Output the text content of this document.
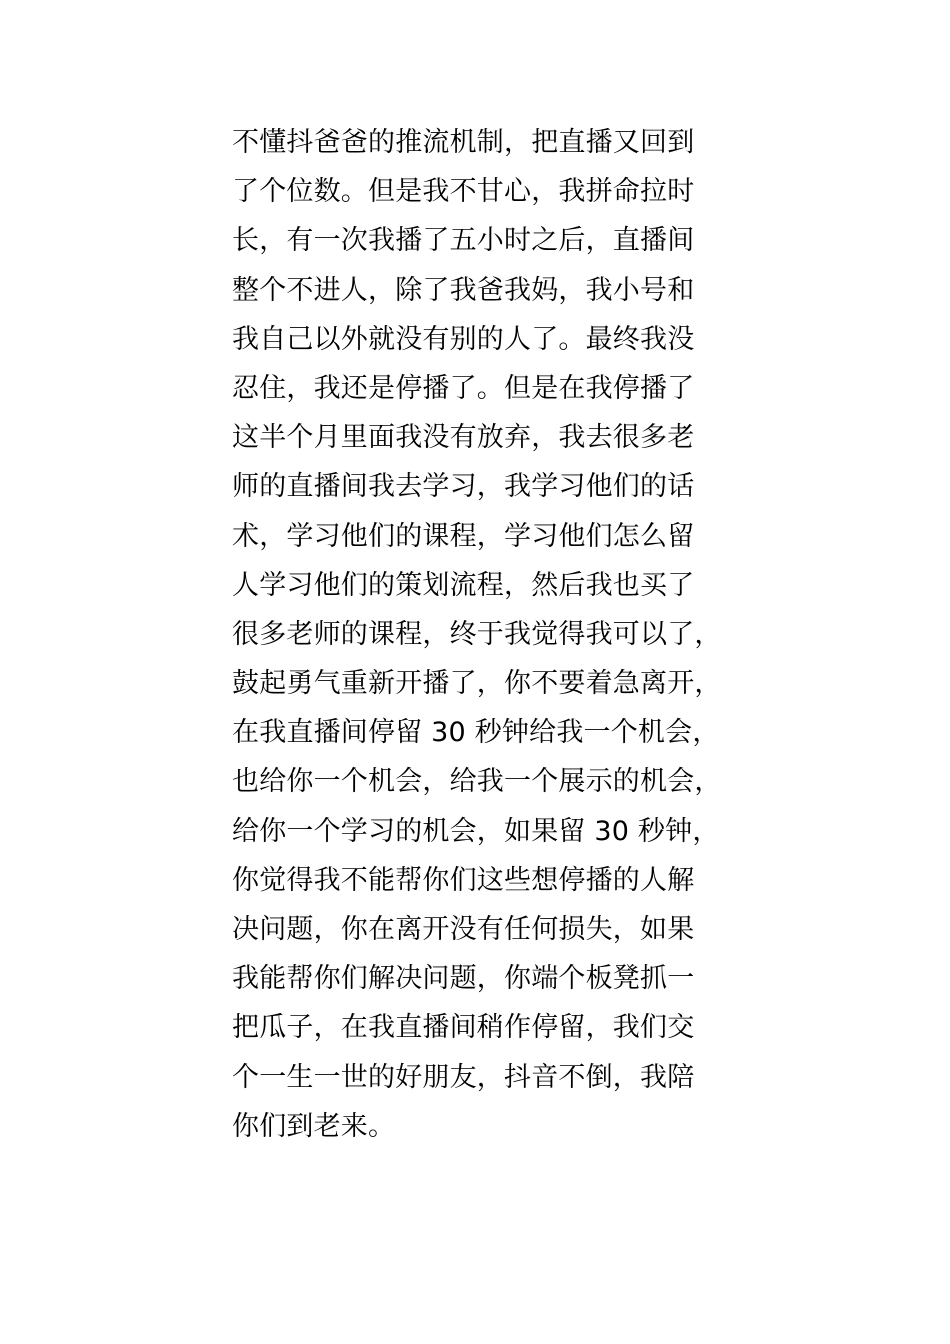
不懂抖爸爸的推流机制，把直播又回到
了个位数。但是我不甘心，我拼命拉时
长，有一次我播了五小时之后，直播间
整个不进人，除了我爸我妈，我小号和
我自己以外就没有别的人了。最终我没
忍住，我还是停播了。但是在我停播了
这半个月里面我没有放弃，我去很多老
师的直播间我去学习，我学习他们的话
术，学习他们的课程，学习他们怎么留
人学习他们的策划流程，然后我也买了
很多老师的课程，终于我觉得我可以了，
鼓起勇气重新开播了，你不要着急离开，
在我直播间停留 30 秒钟给我一个机会，
也给你一个机会，给我一个展示的机会，
给你一个学习的机会，如果留 30 秒钟，
你觉得我不能帮你们这些想停播的人解
决问题，你在离开没有任何损失，如果
我能帮你们解决问题，你端个板凳抓一
把瓜子，在我直播间稍作停留，我们交
个一生一世的好朋友，抖音不倒，我陪
你们到老来。
